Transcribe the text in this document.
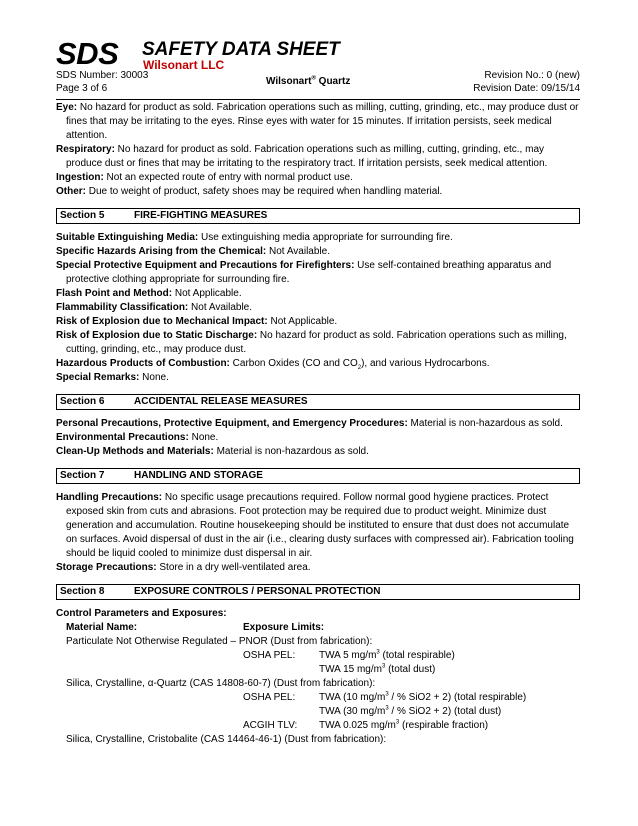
SDS SAFETY DATA SHEET
Wilsonart LLC
SDS Number: 30003
Page 3 of 6
Wilsonart® Quartz
Revision No.: 0 (new)
Revision Date: 09/15/14

Eye: No hazard for product as sold. Fabrication operations such as milling, cutting, grinding, etc., may produce dust or fines that may be irritating to the eyes. Rinse eyes with water for 15 minutes. If irritation persists, seek medical attention.

Respiratory: No hazard for product as sold. Fabrication operations such as milling, cutting, grinding, etc., may produce dust or fines that may be irritating to the respiratory tract. If irritation persists, seek medical attention.

Ingestion: Not an expected route of entry with normal product use.

Other: Due to weight of product, safety shoes may be required when handling material.

Section 5	FIRE-FIGHTING MEASURES

Suitable Extinguishing Media: Use extinguishing media appropriate for surrounding fire.

Specific Hazards Arising from the Chemical: Not Available.

Special Protective Equipment and Precautions for Firefighters: Use self-contained breathing apparatus and protective clothing appropriate for surrounding fire.

Flash Point and Method: Not Applicable.

Flammability Classification: Not Available.

Risk of Explosion due to Mechanical Impact: Not Applicable.

Risk of Explosion due to Static Discharge: No hazard for product as sold. Fabrication operations such as milling, cutting, grinding, etc., may produce dust.

Hazardous Products of Combustion: Carbon Oxides (CO and $CO_2$), and various Hydrocarbons.

Special Remarks: None.

Section 6	ACCIDENTAL RELEASE MEASURES

Personal Precautions, Protective Equipment, and Emergency Procedures: Material is non-hazardous as sold.

Environmental Precautions: None.

Clean-Up Methods and Materials: Material is non-hazardous as sold.

Section 7	HANDLING AND STORAGE

Handling Precautions: No specific usage precautions required. Follow normal good hygiene practices. Protect exposed skin from cuts and abrasions. Foot protection may be required due to product weight. Minimize dust generation and accumulation. Routine housekeeping should be instituted to ensure that dust does not accumulate on surfaces. Avoid dispersal of dust in the air (i.e., clearing dusty surfaces with compressed air). Fabrication tooling should be liquid cooled to minimize dust dispersal in air.

Storage Precautions: Store in a dry well-ventilated area.

Section 8	EXPOSURE CONTROLS / PERSONAL PROTECTION
Control Parameters and Exposures:
Material Name:	Exposure Limits:
Particulate Not Otherwise Regulated – PNOR (Dust from fabrication):
OSHA PEL: TWA 5 $mg/m^3$ (total respirable)
TWA 15 $mg/m^3$ (total dust)
Silica, Crystalline, α-Quartz (CAS 14808-60-7) (Dust from fabrication):
OSHA PEL: TWA (10 $mg/m^3$ / % SiO2 + 2) (total respirable)
TWA (30 $mg/m^3$ / % SiO2 + 2) (total dust)
ACGIH TLV: TWA 0.025 $mg/m^3$ (respirable fraction)
Silica, Crystalline, Cristobalite (CAS 14464-46-1) (Dust from fabrication):
